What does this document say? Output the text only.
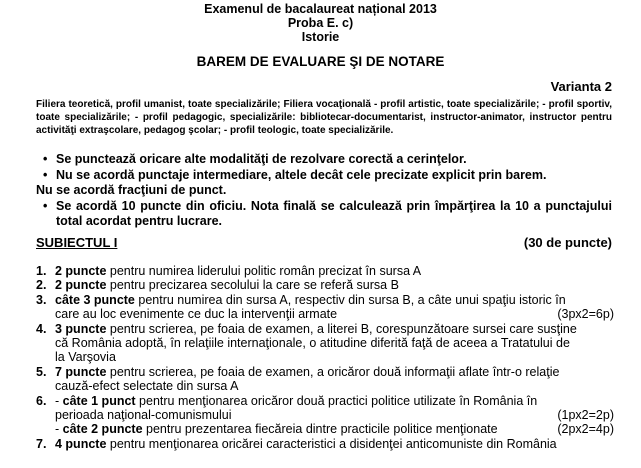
Examenul de bacalaureat național 2013
Proba E. c)
Istorie
BAREM DE EVALUARE ŞI DE NOTARE
Varianta 2
Filiera teoretică, profil umanist, toate specializările; Filiera vocaţională - profil artistic, toate specializările; - profil sportiv, toate specializările; - profil pedagogic, specializările: bibliotecar-documentarist, instructor-animator, instructor pentru activităţi extraşcolare, pedagog şcolar; - profil teologic, toate specializările.
• Se punctează oricare alte modalităţi de rezolvare corectă a cerinţelor.
• Nu se acordă punctaje intermediare, altele decât cele precizate explicit prin barem.
Nu se acordă fracţiuni de punct.
• Se acordă 10 puncte din oficiu. Nota finală se calculează prin împărţirea la 10 a punctajului total acordat pentru lucrare.
SUBIECTUL I	(30 de puncte)
1. 2 puncte pentru numirea liderului politic român precizat în sursa A
2. 2 puncte pentru precizarea secolului la care se referă sursa B
3. câte 3 puncte pentru numirea din sursa A, respectiv din sursa B, a câte unui spaţiu istoric în
care au loc evenimente ce duc la intervenţii armate	(3px2=6p)
4. 3 puncte pentru scrierea, pe foaia de examen, a literei B, corespunzătoare sursei care susţine
că România adoptă, în relaţiile internaţionale, o atitudine diferită faţă de aceea a Tratatului de
la Varşovia
5. 7 puncte pentru scrierea, pe foaia de examen, a oricăror două informaţii aflate într-o relaţie
cauză-efect selectate din sursa A
6. - câte 1 punct pentru menţionarea oricăror două practici politice utilizate în România în
perioada naţional-comunismului	(1px2=2p)
- câte 2 puncte pentru prezentarea fiecăreia dintre practicile politice menţionate	(2px2=4p)
7. 4 puncte pentru menţionarea oricărei caracteristici a disidenţei anticomuniste din România
